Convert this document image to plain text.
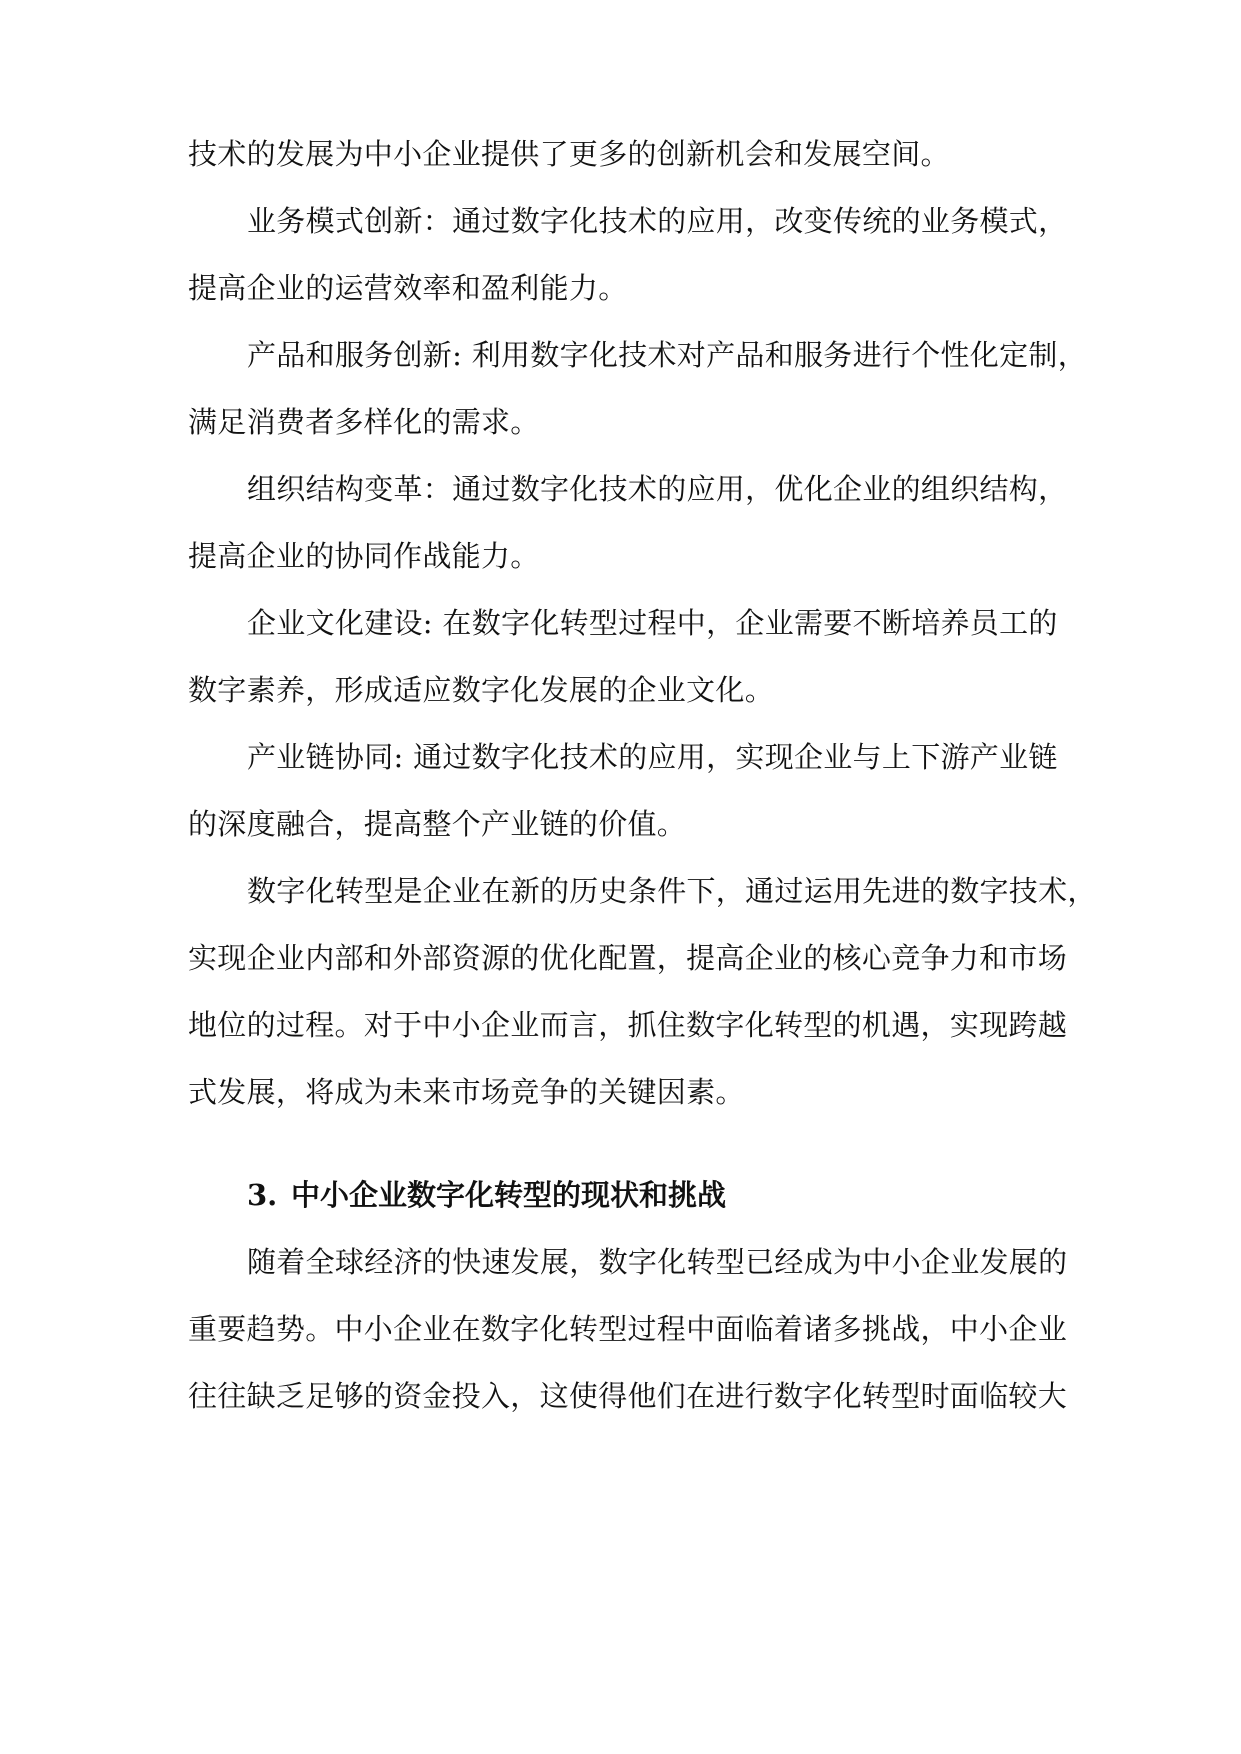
技术的发展为中小企业提供了更多的创新机会和发展空间。
业务模式创新：通过数字化技术的应用，改变传统的业务模式，
提高企业的运营效率和盈利能力。
产品和服务创新: 利用数字化技术对产品和服务进行个性化定制，
满足消费者多样化的需求。
组织结构变革：通过数字化技术的应用，优化企业的组织结构，
提高企业的协同作战能力。
企业文化建设: 在数字化转型过程中，企业需要不断培养员工的
数字素养，形成适应数字化发展的企业文化。
产业链协同: 通过数字化技术的应用，实现企业与上下游产业链
的深度融合，提高整个产业链的价值。
数字化转型是企业在新的历史条件下，通过运用先进的数字技术，
实现企业内部和外部资源的优化配置，提高企业的核心竞争力和市场
地位的过程。对于中小企业而言，抓住数字化转型的机遇，实现跨越
式发展，将成为未来市场竞争的关键因素。
3. 中小企业数字化转型的现状和挑战
随着全球经济的快速发展，数字化转型已经成为中小企业发展的
重要趋势。中小企业在数字化转型过程中面临着诸多挑战，中小企业
往往缺乏足够的资金投入，这使得他们在进行数字化转型时面临较大
